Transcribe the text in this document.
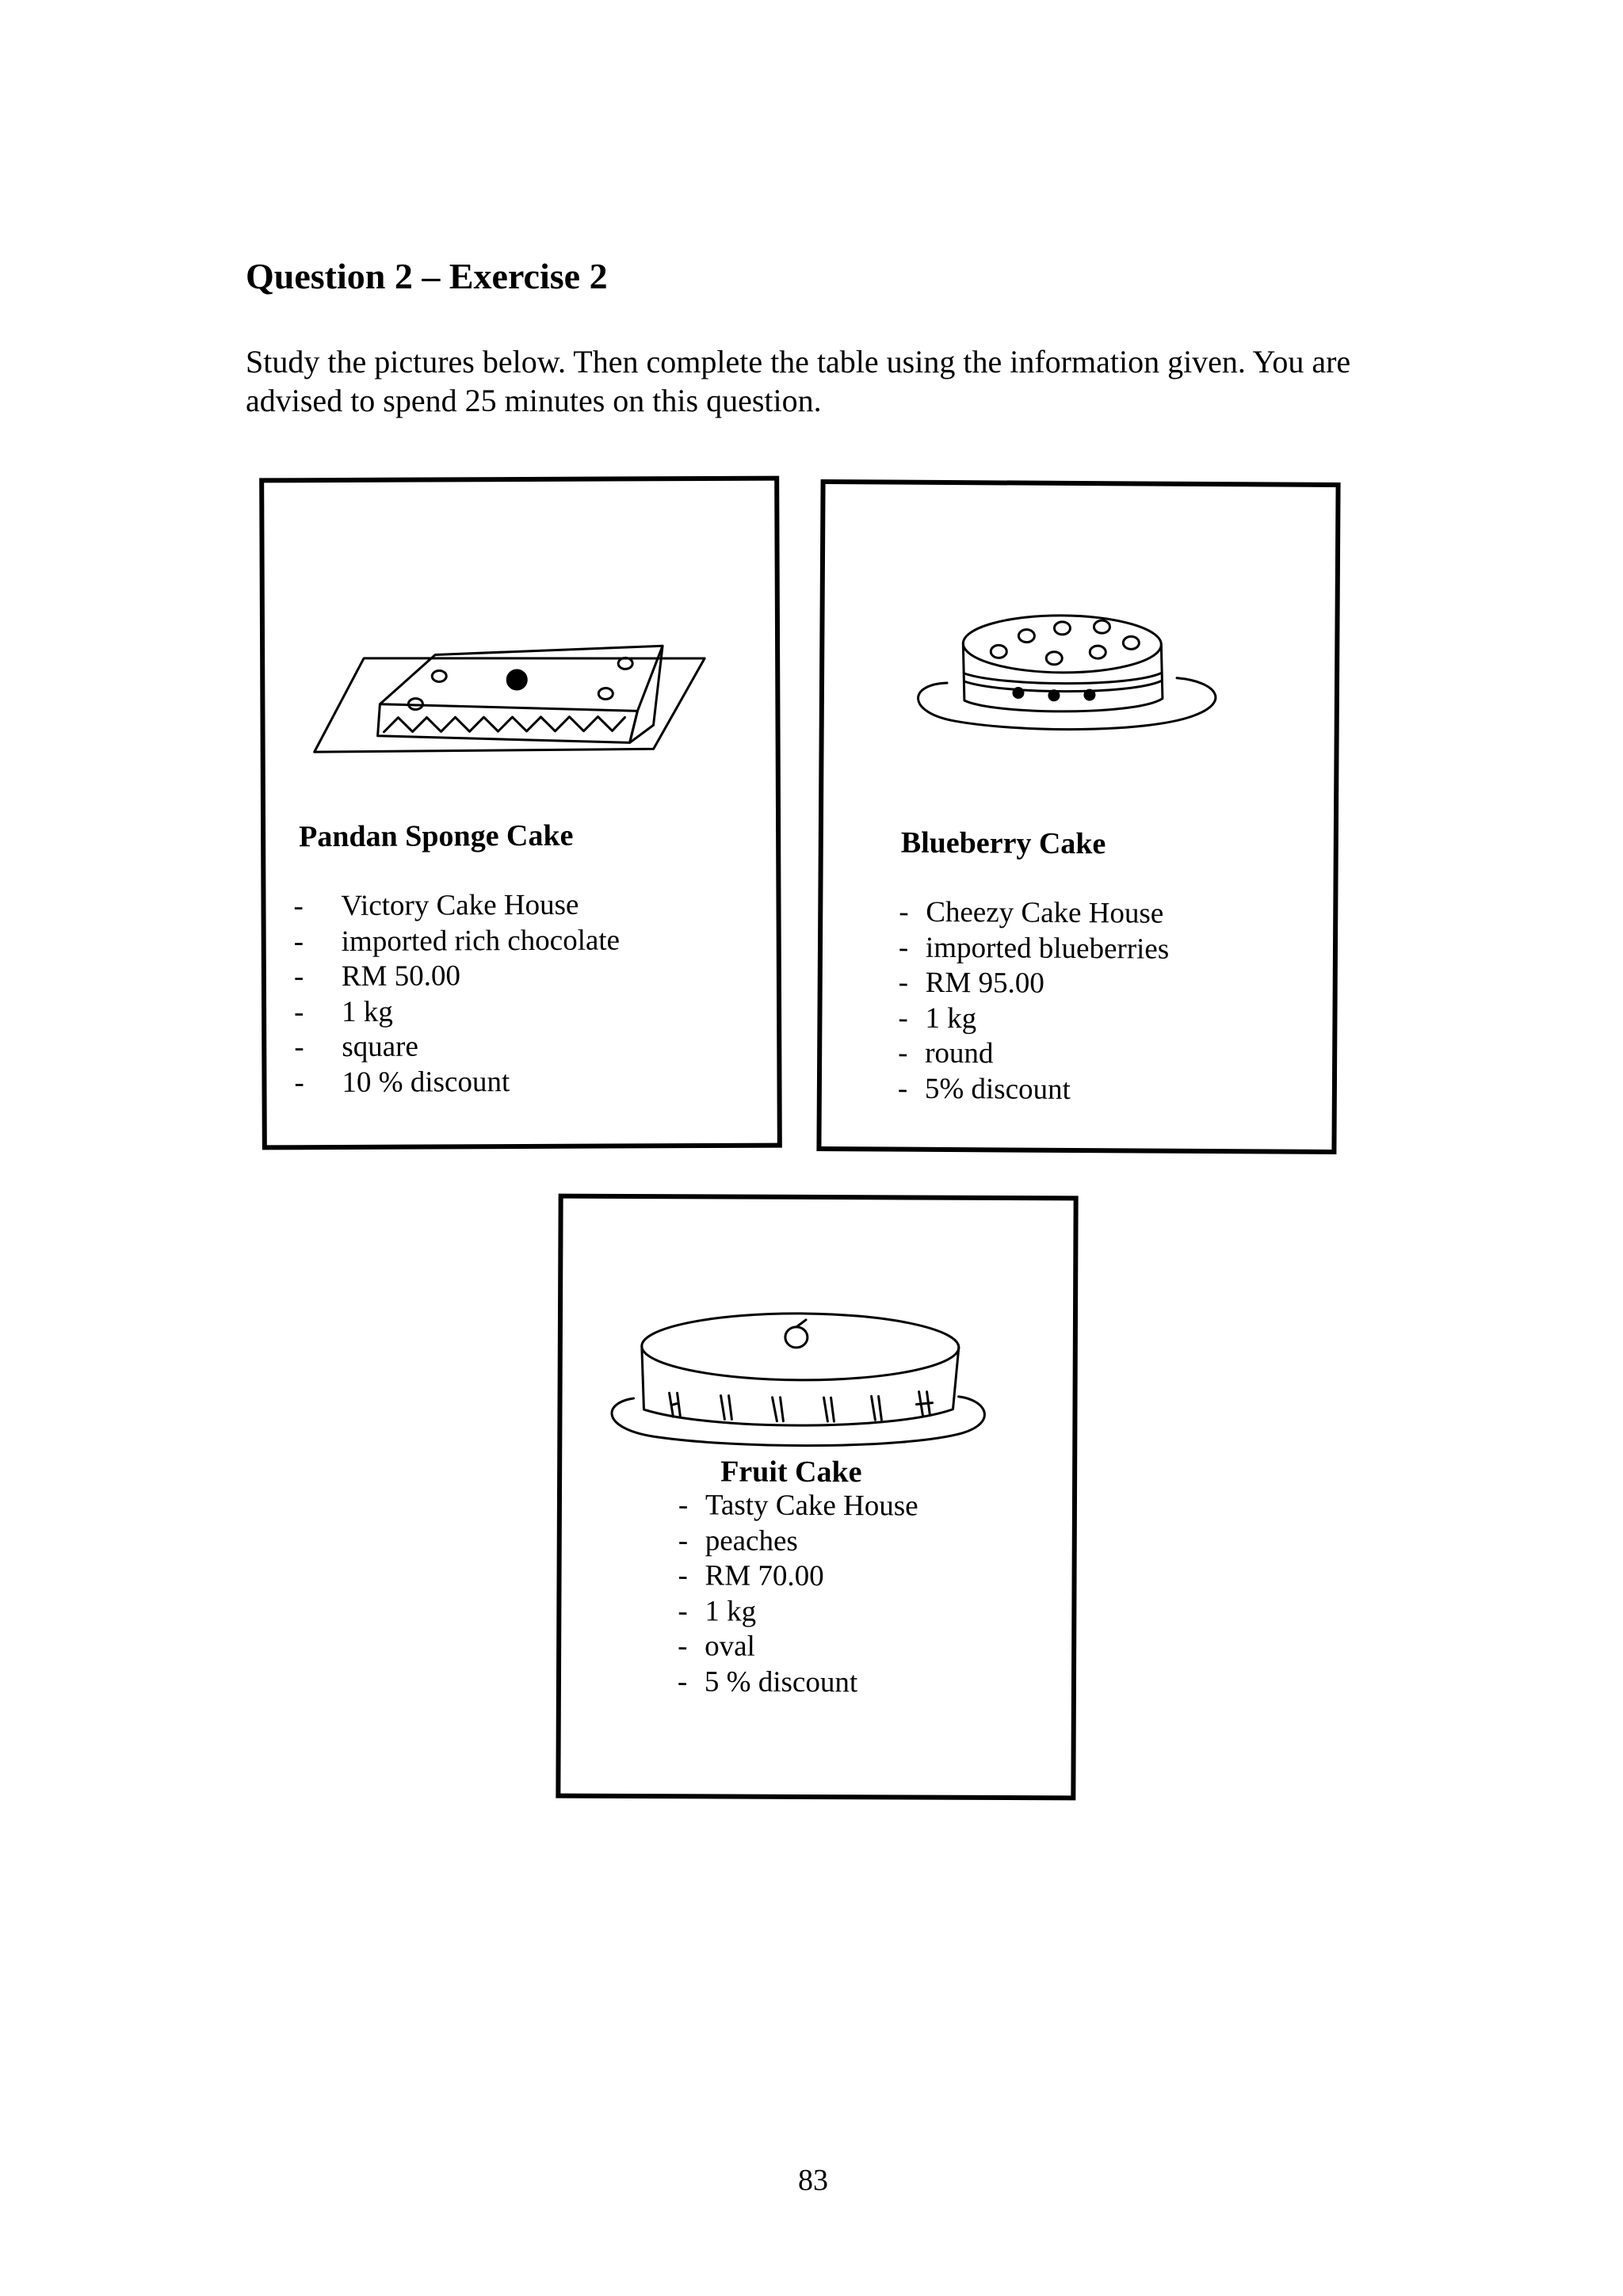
Question 2 – Exercise 2

Study the pictures below. Then complete the table using the information given. You are advised to spend 25 minutes on this question.

Pandan Sponge Cake
- Victory Cake House
- imported rich chocolate
- RM 50.00
- 1 kg
- square
- 10 % discount
Blueberry Cake
- Cheezy Cake House
- imported blueberries
- RM 95.00
- 1 kg
- round
- 5% discount
Fruit Cake
- Tasty Cake House
- peaches
- RM 70.00
- 1 kg
- oval
- 5 % discount

83
